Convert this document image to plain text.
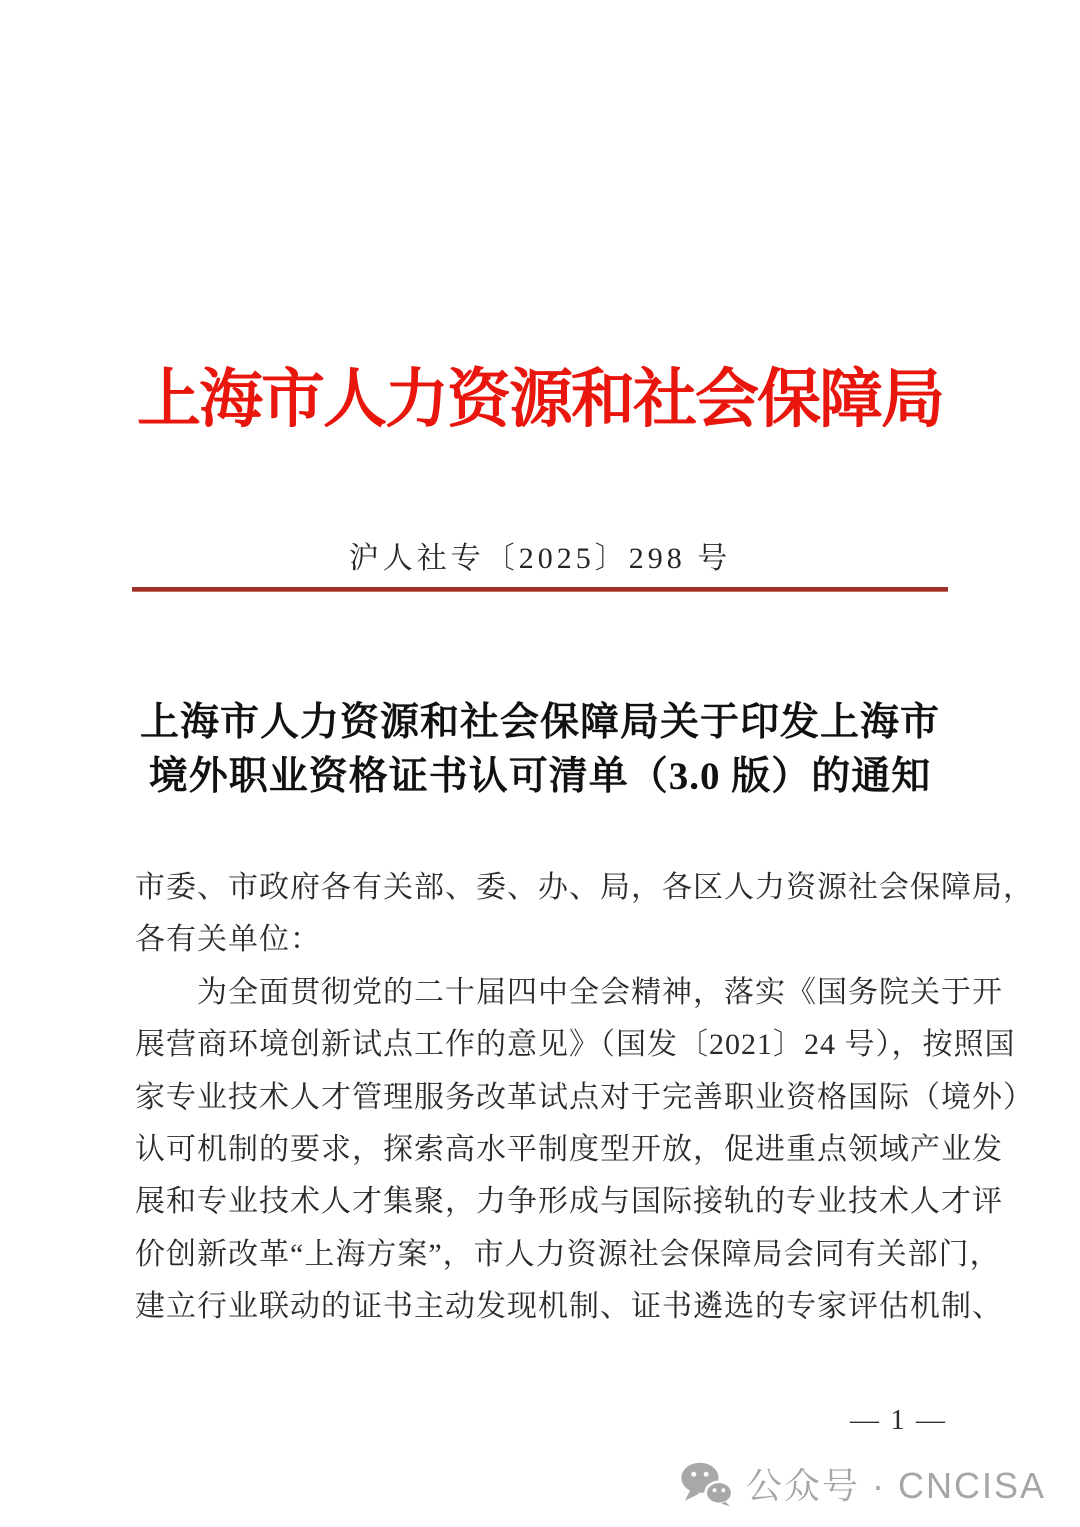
上海市人力资源和社会保障局
沪人社专〔2025〕298 号
上海市人力资源和社会保障局关于印发上海市
境外职业资格证书认可清单（3.0 版）的通知
市委、市政府各有关部、委、办、局，各区人力资源社会保障局，
各有关单位：
为全面贯彻党的二十届四中全会精神，落实《国务院关于开
展营商环境创新试点工作的意见》（国发〔2021〕24 号），按照国
家专业技术人才管理服务改革试点对于完善职业资格国际（境外）
认可机制的要求，探索高水平制度型开放，促进重点领域产业发
展和专业技术人才集聚，力争形成与国际接轨的专业技术人才评
价创新改革“上海方案”，市人力资源社会保障局会同有关部门，
建立行业联动的证书主动发现机制、证书遴选的专家评估机制、
— 1 —
公众号 · CNCISA
